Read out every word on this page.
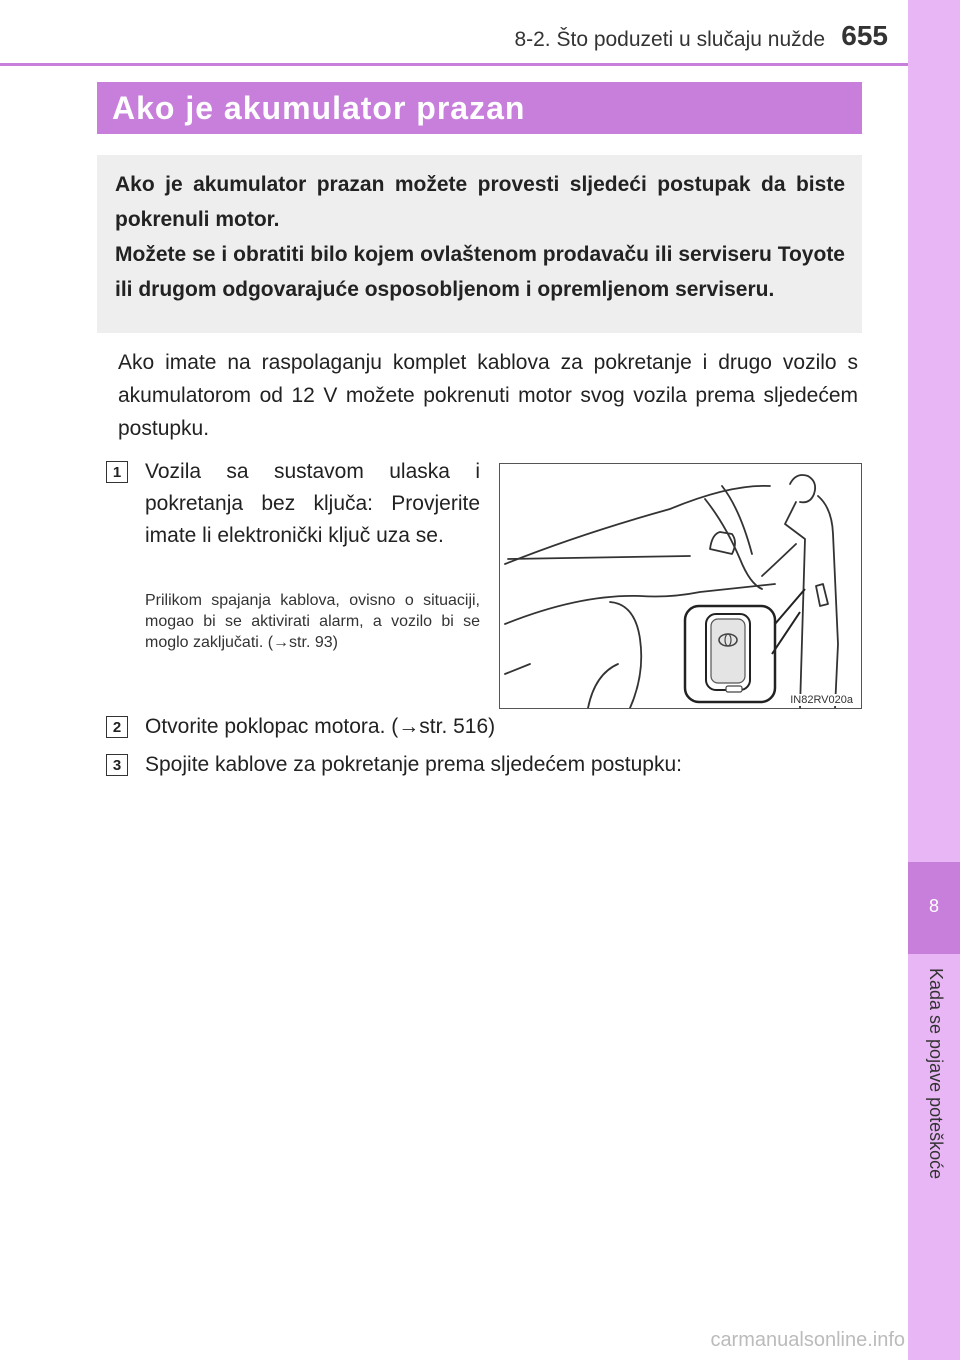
8-2. Što poduzeti u slučaju nužde 655
8
Kada se pojave poteškoće
Ako je akumulator prazan

Ako je akumulator prazan možete provesti sljedeći postupak da biste pokrenuli motor.
Možete se i obratiti bilo kojem ovlaštenom prodavaču ili serviseru Toyote ili drugom odgovarajuće osposobljenom i opremljenom serviseru.

Ako imate na raspolaganju komplet kablova za pokretanje i drugo vozilo s akumulatorom od 12 V možete pokrenuti motor svog vozila prema sljedećem postupku.

1	Vozila sa sustavom ulaska i pokretanja bez ključa: Provjerite imate li elektronički ključ uza se.

Prilikom spajanja kablova, ovisno o situaciji, mogao bi se aktivirati alarm, a vozilo bi se moglo zaključati. (→str. 93)

IN82RV020a
2	Otvorite poklopac motora. (→str. 516)

3	Spojite kablove za pokretanje prema sljedećem postupku:

carmanualsonline.info
